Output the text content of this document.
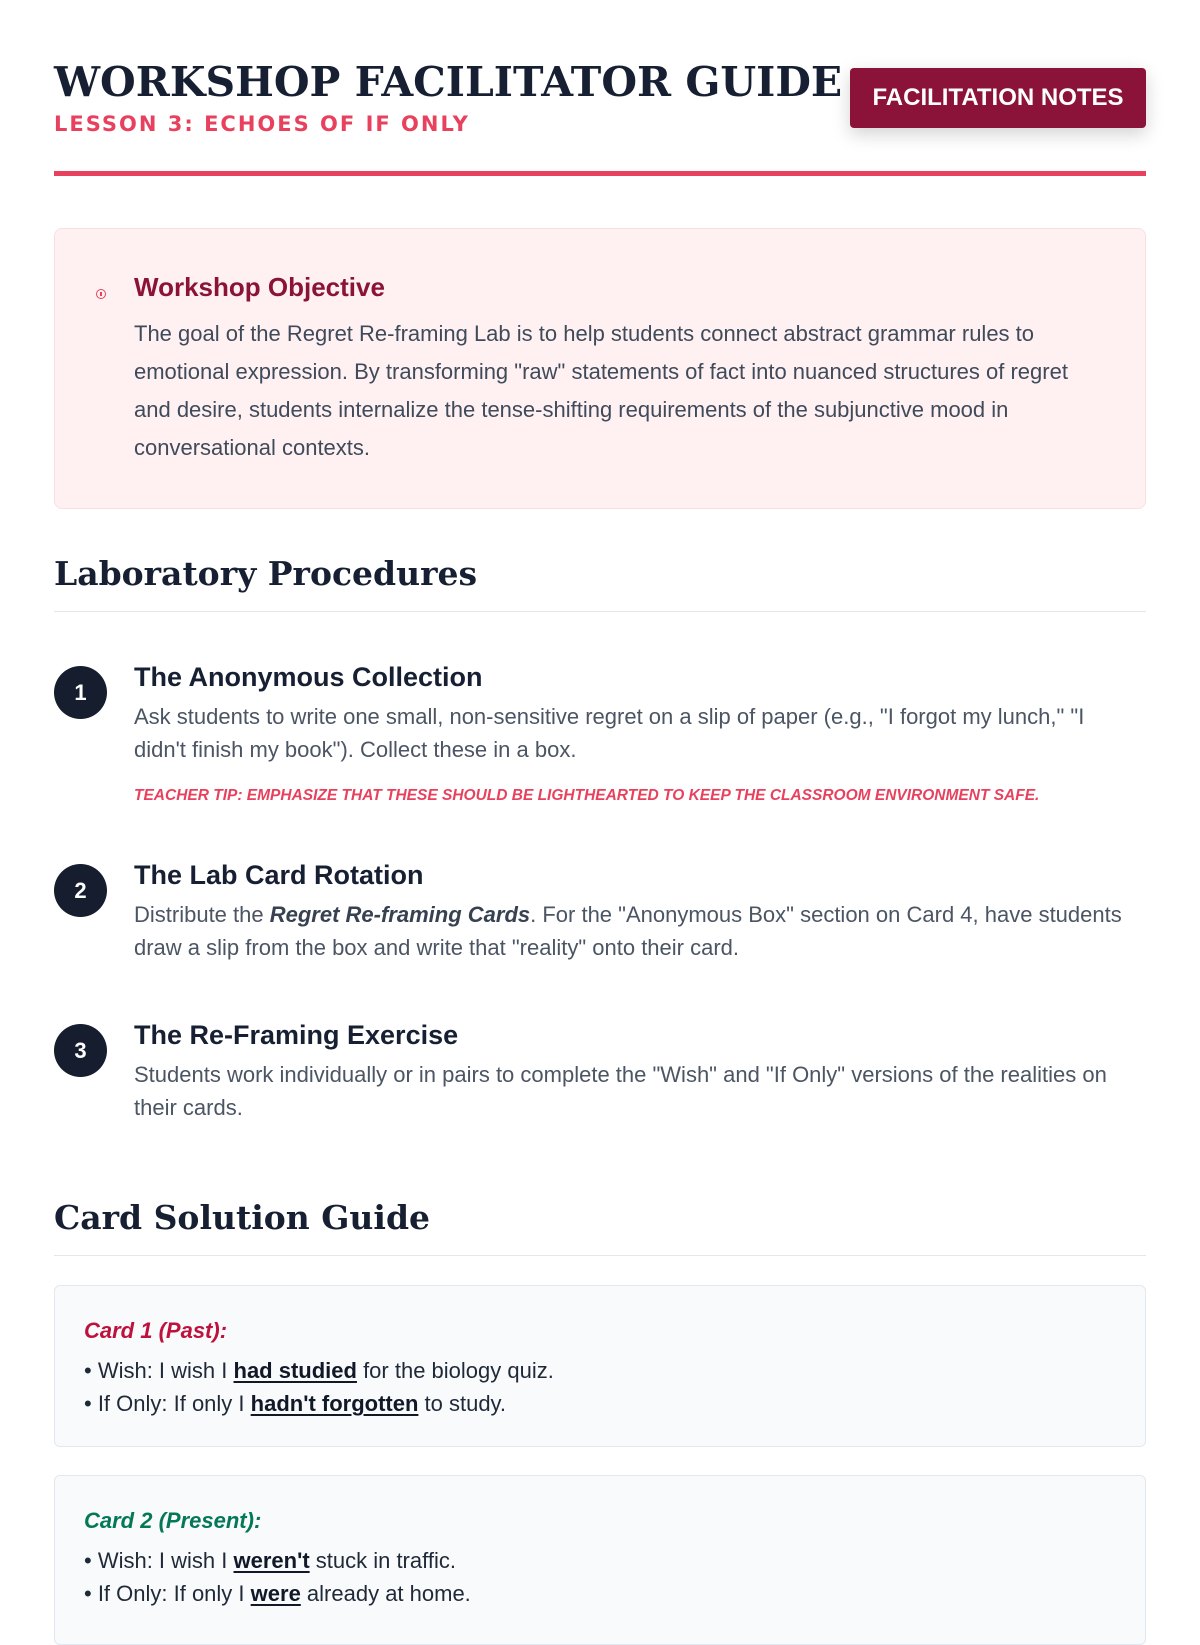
WORKSHOP FACILITATOR GUIDE
LESSON 3: ECHOES OF IF ONLY
FACILITATION NOTES
Workshop Objective

The goal of the Regret Re-framing Lab is to help students connect abstract grammar rules to emotional expression. By transforming "raw" statements of fact into nuanced structures of regret and desire, students internalize the tense-shifting requirements of the subjunctive mood in conversational contexts.

Laboratory Procedures
1
The Anonymous Collection

Ask students to write one small, non-sensitive regret on a slip of paper (e.g., "I forgot my lunch," "I didn't finish my book"). Collect these in a box.

TEACHER TIP: EMPHASIZE THAT THESE SHOULD BE LIGHTHEARTED TO KEEP THE CLASSROOM ENVIRONMENT SAFE.
2
The Lab Card Rotation

Distribute the Regret Re-framing Cards. For the "Anonymous Box" section on Card 4, have students draw a slip from the box and write that "reality" onto their card.

3
The Re-Framing Exercise

Students work individually or in pairs to complete the "Wish" and "If Only" versions of the realities on their cards.

Card Solution Guide
Card 1 (Past):
• Wish: I wish I had studied for the biology quiz.
• If Only: If only I hadn't forgotten to study.
Card 2 (Present):
• Wish: I wish I weren't stuck in traffic.
• If Only: If only I were already at home.
